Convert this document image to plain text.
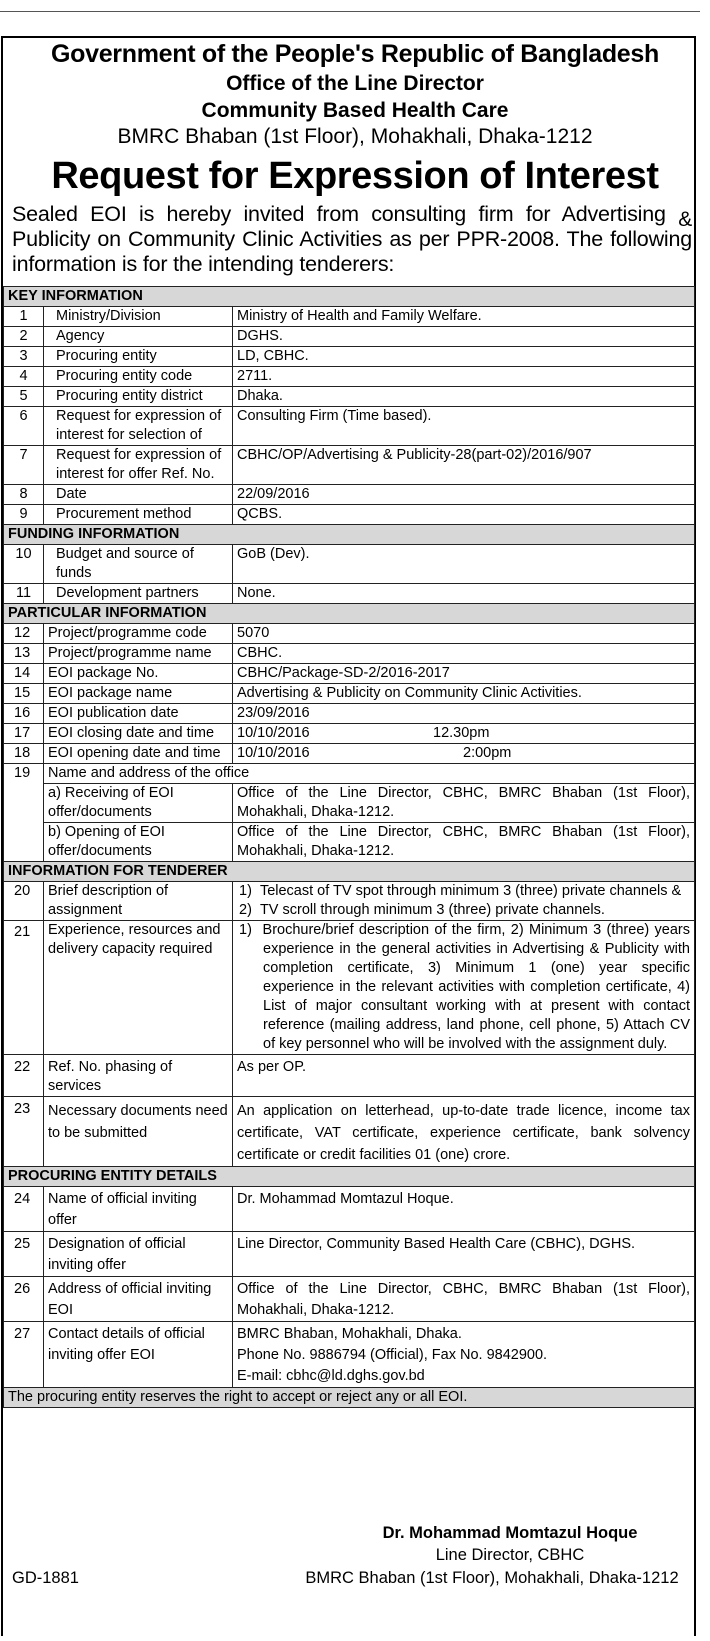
Government of the People's Republic of Bangladesh
Office of the Line Director
Community Based Health Care
BMRC Bhaban (1st Floor), Mohakhali, Dhaka-1212
Request for Expression of Interest
Sealed EOI is hereby invited from consulting firm for Advertising & Publicity on Community Clinic Activities as per PPR-2008. The following information is for the intending tenderers:
KEY INFORMATION		
1	Ministry/Division	Ministry of Health and Family Welfare.
2	Agency	DGHS.
3	Procuring entity	LD, CBHC.
4	Procuring entity code	2711.
5	Procuring entity district	Dhaka.
6	Request for expression of interest for selection of	Consulting Firm (Time based).
7	Request for expression of interest for offer Ref. No.	CBHC/OP/Advertising & Publicity-28(part-02)/2016/907
8	Date	22/09/2016
9	Procurement method	QCBS.
FUNDING INFORMATION		
10	Budget and source of funds	GoB (Dev).
11	Development partners	None.
PARTICULAR INFORMATION		
12	Project/programme code	5070
13	Project/programme name	CBHC.
14	EOI package No.	CBHC/Package-SD-2/2016-2017
15	EOI package name	Advertising & Publicity on Community Clinic Activities.
16	EOI publication date	23/09/2016
17	EOI closing date and time	10/10/2016 12.30pm
18	EOI opening date and time	10/10/2016 2:00pm
19	Name and address of the office	
	a) Receiving of EOI offer/documents	Office of the Line Director, CBHC, BMRC Bhaban (1st Floor), Mohakhali, Dhaka-1212.
	b) Opening of EOI offer/documents	Office of the Line Director, CBHC, BMRC Bhaban (1st Floor), Mohakhali, Dhaka-1212.
INFORMATION FOR TENDERER		
20	Brief description of assignment	1)  Telecast of TV spot through minimum 3 (three) private channels &
2)  TV scroll through minimum 3 (three) private channels.

21	Experience, resources and delivery capacity required	1)  Brochure/brief description of the firm, 2) Minimum 3 (three) years experience in the general activities in Advertising & Publicity with completion certificate, 3) Minimum 1 (one) year specific experience in the relevant activities with completion certificate, 4) List of major consultant working with at present with contact reference (mailing address, land phone, cell phone, 5) Attach CV of key personnel who will be involved with the assignment duly.

22	Ref. No. phasing of services	As per OP.
23	Necessary documents need to be submitted	An application on letterhead, up-to-date trade licence, income tax certificate, VAT certificate, experience certificate, bank solvency certificate or credit facilities 01 (one) crore.
PROCURING ENTITY DETAILS		
24	Name of official inviting offer	Dr. Mohammad Momtazul Hoque.
25	Designation of official inviting offer	Line Director, Community Based Health Care (CBHC), DGHS.
26	Address of official inviting EOI	Office of the Line Director, CBHC, BMRC Bhaban (1st Floor), Mohakhali, Dhaka-1212.
27	Contact details of official inviting offer EOI	BMRC Bhaban, Mohakhali, Dhaka.
Phone No. 9886794 (Official), Fax No. 9842900.
E-mail: cbhc@ld.dghs.gov.bd

The procuring entity reserves the right to accept or reject any or all EOI.		
Dr. Mohammad Momtazul Hoque
Line Director, CBHC
BMRC Bhaban (1st Floor), Mohakhali, Dhaka-1212
GD-1881
